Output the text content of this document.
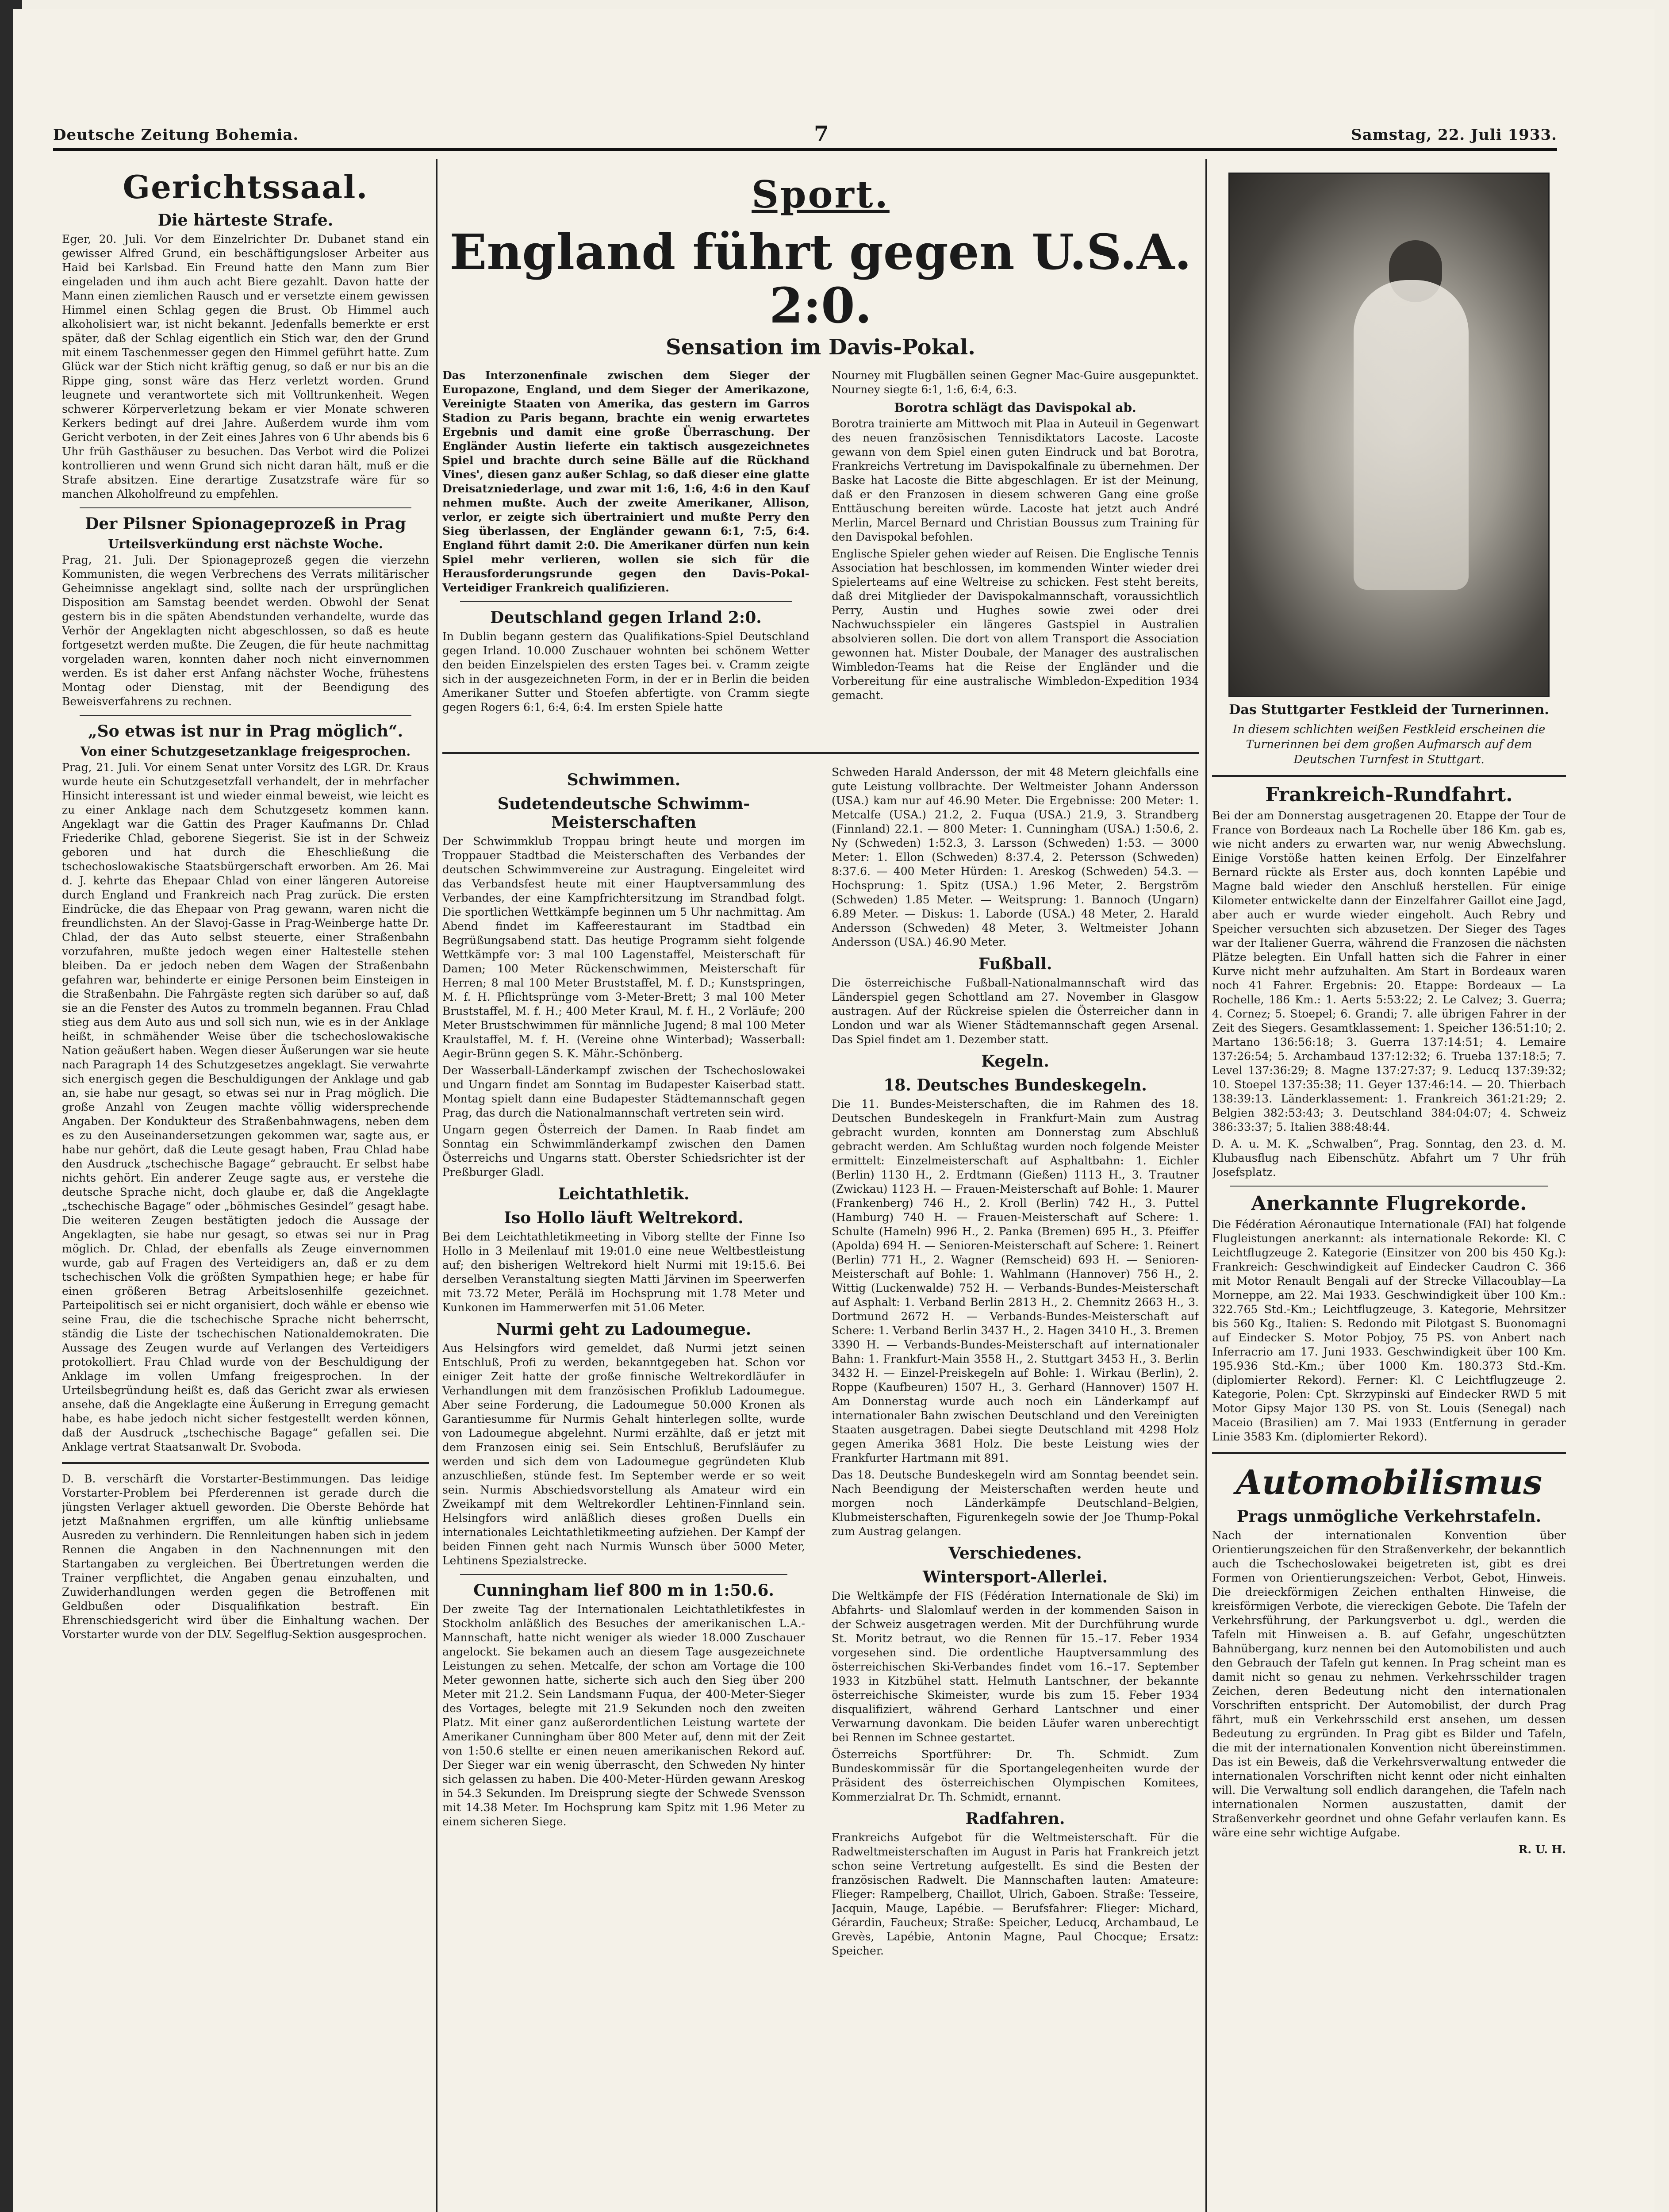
Deutsche Zeitung Bohemia.	7	Samstag, 22. Juli 1933.
Gerichtssaal.
Die härteste Strafe.

Eger, 20. Juli. Vor dem Einzelrichter Dr. Dubanet stand ein gewisser Alfred Grund, ein beschäftigungsloser Arbeiter aus Haid bei Karlsbad. Ein Freund hatte den Mann zum Bier eingeladen und ihm auch acht Biere gezahlt. Davon hatte der Mann einen ziemlichen Rausch und er versetzte einem gewissen Himmel einen Schlag gegen die Brust. Ob Himmel auch alkoholisiert war, ist nicht bekannt. Jedenfalls bemerkte er erst später, daß der Schlag eigentlich ein Stich war, den der Grund mit einem Taschenmesser gegen den Himmel geführt hatte. Zum Glück war der Stich nicht kräftig genug, so daß er nur bis an die Rippe ging, sonst wäre das Herz verletzt worden. Grund leugnete und verantwortete sich mit Volltrunkenheit. Wegen schwerer Körperverletzung bekam er vier Monate schweren Kerkers bedingt auf drei Jahre. Außerdem wurde ihm vom Gericht verboten, in der Zeit eines Jahres von 6 Uhr abends bis 6 Uhr früh Gasthäuser zu besuchen. Das Verbot wird die Polizei kontrollieren und wenn Grund sich nicht daran hält, muß er die Strafe absitzen. Eine derartige Zusatzstrafe wäre für so manchen Alkoholfreund zu empfehlen.

Der Pilsner Spionageprozeß in Prag
Urteilsverkündung erst nächste Woche.

Prag, 21. Juli. Der Spionageprozeß gegen die vierzehn Kommunisten, die wegen Verbrechens des Verrats militärischer Geheimnisse angeklagt sind, sollte nach der ursprünglichen Disposition am Samstag beendet werden. Obwohl der Senat gestern bis in die späten Abendstunden verhandelte, wurde das Verhör der Angeklagten nicht abgeschlossen, so daß es heute fortgesetzt werden mußte. Die Zeugen, die für heute nachmittag vorgeladen waren, konnten daher noch nicht einvernommen werden. Es ist daher erst Anfang nächster Woche, frühestens Montag oder Dienstag, mit der Beendigung des Beweisverfahrens zu rechnen.

„So etwas ist nur in Prag möglich“.
Von einer Schutzgesetzanklage freigesprochen.

Prag, 21. Juli. Vor einem Senat unter Vorsitz des LGR. Dr. Kraus wurde heute ein Schutzgesetzfall verhandelt, der in mehrfacher Hinsicht interessant ist und wieder einmal beweist, wie leicht es zu einer Anklage nach dem Schutzgesetz kommen kann. Angeklagt war die Gattin des Prager Kaufmanns Dr. Chlad Friederike Chlad, geborene Siegerist. Sie ist in der Schweiz geboren und hat durch die Eheschließung die tschechoslowakische Staatsbürgerschaft erworben. Am 26. Mai d. J. kehrte das Ehepaar Chlad von einer längeren Autoreise durch England und Frankreich nach Prag zurück. Die ersten Eindrücke, die das Ehepaar von Prag gewann, waren nicht die freundlichsten. An der Slavoj-Gasse in Prag-Weinberge hatte Dr. Chlad, der das Auto selbst steuerte, einer Straßenbahn vorzufahren, mußte jedoch wegen einer Haltestelle stehen bleiben. Da er jedoch neben dem Wagen der Straßenbahn gefahren war, behinderte er einige Personen beim Einsteigen in die Straßenbahn. Die Fahrgäste regten sich darüber so auf, daß sie an die Fenster des Autos zu trommeln begannen. Frau Chlad stieg aus dem Auto aus und soll sich nun, wie es in der Anklage heißt, in schmähender Weise über die tschechoslowakische Nation geäußert haben. Wegen dieser Äußerungen war sie heute nach Paragraph 14 des Schutzgesetzes angeklagt. Sie verwahrte sich energisch gegen die Beschuldigungen der Anklage und gab an, sie habe nur gesagt, so etwas sei nur in Prag möglich. Die große Anzahl von Zeugen machte völlig widersprechende Angaben. Der Kondukteur des Straßenbahnwagens, neben dem es zu den Auseinandersetzungen gekommen war, sagte aus, er habe nur gehört, daß die Leute gesagt haben, Frau Chlad habe den Ausdruck „tschechische Bagage“ gebraucht. Er selbst habe nichts gehört. Ein anderer Zeuge sagte aus, er verstehe die deutsche Sprache nicht, doch glaube er, daß die Angeklagte „tschechische Bagage“ oder „böhmisches Gesindel“ gesagt habe. Die weiteren Zeugen bestätigten jedoch die Aussage der Angeklagten, sie habe nur gesagt, so etwas sei nur in Prag möglich. Dr. Chlad, der ebenfalls als Zeuge einvernommen wurde, gab auf Fragen des Verteidigers an, daß er zu dem tschechischen Volk die größten Sympathien hege; er habe für einen größeren Betrag Arbeitslosenhilfe gezeichnet. Parteipolitisch sei er nicht organisiert, doch wähle er ebenso wie seine Frau, die die tschechische Sprache nicht beherrscht, ständig die Liste der tschechischen Nationaldemokraten. Die Aussage des Zeugen wurde auf Verlangen des Verteidigers protokolliert. Frau Chlad wurde von der Beschuldigung der Anklage im vollen Umfang freigesprochen. In der Urteilsbegründung heißt es, daß das Gericht zwar als erwiesen ansehe, daß die Angeklagte eine Äußerung in Erregung gemacht habe, es habe jedoch nicht sicher festgestellt werden können, daß der Ausdruck „tschechische Bagage“ gefallen sei. Die Anklage vertrat Staatsanwalt Dr. Svoboda.

D. B. verschärft die Vorstarter-Bestimmungen. Das leidige Vorstarter-Problem bei Pferderennen ist gerade durch die jüngsten Verlager aktuell geworden. Die Oberste Behörde hat jetzt Maßnahmen ergriffen, um alle künftig unliebsame Ausreden zu verhindern. Die Rennleitungen haben sich in jedem Rennen die Angaben in den Nachnennungen mit den Startangaben zu vergleichen. Bei Übertretungen werden die Trainer verpflichtet, die Angaben genau einzuhalten, und Zuwiderhandlungen werden gegen die Betroffenen mit Geldbußen oder Disqualifikation bestraft. Ein Ehrenschiedsgericht wird über die Einhaltung wachen. Der Vorstarter wurde von der DLV. Segelflug-Sektion ausgesprochen.

Sport.
England führt gegen U.S.A. 2:0.
Sensation im Davis-Pokal.

Das Interzonenfinale zwischen dem Sieger der Europazone, England, und dem Sieger der Amerikazone, Vereinigte Staaten von Amerika, das gestern im Garros Stadion zu Paris begann, brachte ein wenig erwartetes Ergebnis und damit eine große Überraschung. Der Engländer Austin lieferte ein taktisch ausgezeichnetes Spiel und brachte durch seine Bälle auf die Rückhand Vines', diesen ganz außer Schlag, so daß dieser eine glatte Dreisatzniederlage, und zwar mit 1:6, 1:6, 4:6 in den Kauf nehmen mußte. Auch der zweite Amerikaner, Allison, verlor, er zeigte sich übertrainiert und mußte Perry den Sieg überlassen, der Engländer gewann 6:1, 7:5, 6:4. England führt damit 2:0. Die Amerikaner dürfen nun kein Spiel mehr verlieren, wollen sie sich für die Herausforderungsrunde gegen den Davis-Pokal-Verteidiger Frankreich qualifizieren.

Deutschland gegen Irland 2:0.

In Dublin begann gestern das Qualifikations-Spiel Deutschland gegen Irland. 10.000 Zuschauer wohnten bei schönem Wetter den beiden Einzelspielen des ersten Tages bei. v. Cramm zeigte sich in der ausgezeichneten Form, in der er in Berlin die beiden Amerikaner Sutter und Stoefen abfertigte. von Cramm siegte gegen Rogers 6:1, 6:4, 6:4. Im ersten Spiele hatte

Nourney mit Flugbällen seinen Gegner Mac-Guire ausgepunktet. Nourney siegte 6:1, 1:6, 6:4, 6:3.

Borotra schlägt das Davispokal ab.

Borotra trainierte am Mittwoch mit Plaa in Auteuil in Gegenwart des neuen französischen Tennisdiktators Lacoste. Lacoste gewann von dem Spiel einen guten Eindruck und bat Borotra, Frankreichs Vertretung im Davispokalfinale zu übernehmen. Der Baske hat Lacoste die Bitte abgeschlagen. Er ist der Meinung, daß er den Franzosen in diesem schweren Gang eine große Enttäuschung bereiten würde. Lacoste hat jetzt auch André Merlin, Marcel Bernard und Christian Boussus zum Training für den Davispokal befohlen.

Englische Spieler gehen wieder auf Reisen. Die Englische Tennis Association hat beschlossen, im kommenden Winter wieder drei Spielerteams auf eine Weltreise zu schicken. Fest steht bereits, daß drei Mitglieder der Davispokalmannschaft, voraussichtlich Perry, Austin und Hughes sowie zwei oder drei Nachwuchsspieler ein längeres Gastspiel in Australien absolvieren sollen. Die dort von allem Transport die Association gewonnen hat. Mister Doubale, der Manager des australischen Wimbledon-Teams hat die Reise der Engländer und die Vorbereitung für eine australische Wimbledon-Expedition 1934 gemacht.

Schwimmen.
Sudetendeutsche Schwimm-Meisterschaften

Der Schwimmklub Troppau bringt heute und morgen im Troppauer Stadtbad die Meisterschaften des Verbandes der deutschen Schwimmvereine zur Austragung. Eingeleitet wird das Verbandsfest heute mit einer Hauptversammlung des Verbandes, der eine Kampfrichtersitzung im Strandbad folgt. Die sportlichen Wettkämpfe beginnen um 5 Uhr nachmittag. Am Abend findet im Kaffeerestaurant im Stadtbad ein Begrüßungsabend statt. Das heutige Programm sieht folgende Wettkämpfe vor: 3 mal 100 Lagenstaffel, Meisterschaft für Damen; 100 Meter Rückenschwimmen, Meisterschaft für Herren; 8 mal 100 Meter Bruststaffel, M. f. D.; Kunstspringen, M. f. H. Pflichtsprünge vom 3-Meter-Brett; 3 mal 100 Meter Bruststaffel, M. f. H.; 400 Meter Kraul, M. f. H., 2 Vorläufe; 200 Meter Brustschwimmen für männliche Jugend; 8 mal 100 Meter Kraulstaffel, M. f. H. (Vereine ohne Winterbad); Wasserball: Aegir-Brünn gegen S. K. Mähr.-Schönberg.

Der Wasserball-Länderkampf zwischen der Tschechoslowakei und Ungarn findet am Sonntag im Budapester Kaiserbad statt. Montag spielt dann eine Budapester Städtemannschaft gegen Prag, das durch die Nationalmannschaft vertreten sein wird.

Ungarn gegen Österreich der Damen. In Raab findet am Sonntag ein Schwimmländerkampf zwischen den Damen Österreichs und Ungarns statt. Oberster Schiedsrichter ist der Preßburger Gladl.

Leichtathletik.
Iso Hollo läuft Weltrekord.

Bei dem Leichtathletikmeeting in Viborg stellte der Finne Iso Hollo in 3 Meilenlauf mit 19:01.0 eine neue Weltbestleistung auf; den bisherigen Weltrekord hielt Nurmi mit 19:15.6. Bei derselben Veranstaltung siegten Matti Järvinen im Speerwerfen mit 73.72 Meter, Perälä im Hochsprung mit 1.78 Meter und Kunkonen im Hammerwerfen mit 51.06 Meter.

Nurmi geht zu Ladoumegue.

Aus Helsingfors wird gemeldet, daß Nurmi jetzt seinen Entschluß, Profi zu werden, bekanntgegeben hat. Schon vor einiger Zeit hatte der große finnische Weltrekordläufer in Verhandlungen mit dem französischen Profiklub Ladoumegue. Aber seine Forderung, die Ladoumegue 50.000 Kronen als Garantiesumme für Nurmis Gehalt hinterlegen sollte, wurde von Ladoumegue abgelehnt. Nurmi erzählte, daß er jetzt mit dem Franzosen einig sei. Sein Entschluß, Berufsläufer zu werden und sich dem von Ladoumegue gegründeten Klub anzuschließen, stünde fest. Im September werde er so weit sein. Nurmis Abschiedsvorstellung als Amateur wird ein Zweikampf mit dem Weltrekordler Lehtinen-Finnland sein. Helsingfors wird anläßlich dieses großen Duells ein internationales Leichtathletikmeeting aufziehen. Der Kampf der beiden Finnen geht nach Nurmis Wunsch über 5000 Meter, Lehtinens Spezialstrecke.

Cunningham lief 800 m in 1:50.6.

Der zweite Tag der Internationalen Leichtathletikfestes in Stockholm anläßlich des Besuches der amerikanischen L.A.-Mannschaft, hatte nicht weniger als wieder 18.000 Zuschauer angelockt. Sie bekamen auch an diesem Tage ausgezeichnete Leistungen zu sehen. Metcalfe, der schon am Vortage die 100 Meter gewonnen hatte, sicherte sich auch den Sieg über 200 Meter mit 21.2. Sein Landsmann Fuqua, der 400-Meter-Sieger des Vortages, belegte mit 21.9 Sekunden noch den zweiten Platz. Mit einer ganz außerordentlichen Leistung wartete der Amerikaner Cunningham über 800 Meter auf, denn mit der Zeit von 1:50.6 stellte er einen neuen amerikanischen Rekord auf. Der Sieger war ein wenig überrascht, den Schweden Ny hinter sich gelassen zu haben. Die 400-Meter-Hürden gewann Areskog in 54.3 Sekunden. Im Dreisprung siegte der Schwede Svensson mit 14.38 Meter. Im Hochsprung kam Spitz mit 1.96 Meter zu einem sicheren Siege.

Schweden Harald Andersson, der mit 48 Metern gleichfalls eine gute Leistung vollbrachte. Der Weltmeister Johann Andersson (USA.) kam nur auf 46.90 Meter. Die Ergebnisse: 200 Meter: 1. Metcalfe (USA.) 21.2, 2. Fuqua (USA.) 21.9, 3. Strandberg (Finnland) 22.1. — 800 Meter: 1. Cunningham (USA.) 1:50.6, 2. Ny (Schweden) 1:52.3, 3. Larsson (Schweden) 1:53. — 3000 Meter: 1. Ellon (Schweden) 8:37.4, 2. Petersson (Schweden) 8:37.6. — 400 Meter Hürden: 1. Areskog (Schweden) 54.3. — Hochsprung: 1. Spitz (USA.) 1.96 Meter, 2. Bergström (Schweden) 1.85 Meter. — Weitsprung: 1. Bannoch (Ungarn) 6.89 Meter. — Diskus: 1. Laborde (USA.) 48 Meter, 2. Harald Andersson (Schweden) 48 Meter, 3. Weltmeister Johann Andersson (USA.) 46.90 Meter.

Fußball.

Die österreichische Fußball-Nationalmannschaft wird das Länderspiel gegen Schottland am 27. November in Glasgow austragen. Auf der Rückreise spielen die Österreicher dann in London und war als Wiener Städtemannschaft gegen Arsenal. Das Spiel findet am 1. Dezember statt.

Kegeln.
18. Deutsches Bundeskegeln.

Die 11. Bundes-Meisterschaften, die im Rahmen des 18. Deutschen Bundeskegeln in Frankfurt-Main zum Austrag gebracht wurden, konnten am Donnerstag zum Abschluß gebracht werden. Am Schlußtag wurden noch folgende Meister ermittelt: Einzelmeisterschaft auf Asphaltbahn: 1. Eichler (Berlin) 1130 H., 2. Erdtmann (Gießen) 1113 H., 3. Trautner (Zwickau) 1123 H. — Frauen-Meisterschaft auf Bohle: 1. Maurer (Frankenberg) 746 H., 2. Kroll (Berlin) 742 H., 3. Puttel (Hamburg) 740 H. — Frauen-Meisterschaft auf Schere: 1. Schulte (Hameln) 996 H., 2. Panka (Bremen) 695 H., 3. Pfeiffer (Apolda) 694 H. — Senioren-Meisterschaft auf Schere: 1. Reinert (Berlin) 771 H., 2. Wagner (Remscheid) 693 H. — Senioren-Meisterschaft auf Bohle: 1. Wahlmann (Hannover) 756 H., 2. Wittig (Luckenwalde) 752 H. — Verbands-Bundes-Meisterschaft auf Asphalt: 1. Verband Berlin 2813 H., 2. Chemnitz 2663 H., 3. Dortmund 2672 H. — Verbands-Bundes-Meisterschaft auf Schere: 1. Verband Berlin 3437 H., 2. Hagen 3410 H., 3. Bremen 3390 H. — Verbands-Bundes-Meisterschaft auf internationaler Bahn: 1. Frankfurt-Main 3558 H., 2. Stuttgart 3453 H., 3. Berlin 3432 H. — Einzel-Preiskegeln auf Bohle: 1. Wirkau (Berlin), 2. Roppe (Kaufbeuren) 1507 H., 3. Gerhard (Hannover) 1507 H. Am Donnerstag wurde auch noch ein Länderkampf auf internationaler Bahn zwischen Deutschland und den Vereinigten Staaten ausgetragen. Dabei siegte Deutschland mit 4298 Holz gegen Amerika 3681 Holz. Die beste Leistung wies der Frankfurter Hartmann mit 891.

Das 18. Deutsche Bundeskegeln wird am Sonntag beendet sein. Nach Beendigung der Meisterschaften werden heute und morgen noch Länderkämpfe Deutschland–Belgien, Klubmeisterschaften, Figurenkegeln sowie der Joe Thump-Pokal zum Austrag gelangen.

Verschiedenes.
Wintersport-Allerlei.

Die Weltkämpfe der FIS (Fédération Internationale de Ski) im Abfahrts- und Slalomlauf werden in der kommenden Saison in der Schweiz ausgetragen werden. Mit der Durchführung wurde St. Moritz betraut, wo die Rennen für 15.–17. Feber 1934 vorgesehen sind. Die ordentliche Hauptversammlung des österreichischen Ski-Verbandes findet vom 16.–17. September 1933 in Kitzbühel statt. Helmuth Lantschner, der bekannte österreichische Skimeister, wurde bis zum 15. Feber 1934 disqualifiziert, während Gerhard Lantschner und einer Verwarnung davonkam. Die beiden Läufer waren unberechtigt bei Rennen im Schnee gestartet.

Österreichs Sportführer: Dr. Th. Schmidt. Zum Bundeskommissär für die Sportangelegenheiten wurde der Präsident des österreichischen Olympischen Komitees, Kommerzialrat Dr. Th. Schmidt, ernannt.

Radfahren.

Frankreichs Aufgebot für die Weltmeisterschaft. Für die Radweltmeisterschaften im August in Paris hat Frankreich jetzt schon seine Vertretung aufgestellt. Es sind die Besten der französischen Radwelt. Die Mannschaften lauten: Amateure: Flieger: Rampelberg, Chaillot, Ulrich, Gaboen. Straße: Tesseire, Jacquin, Mauge, Lapébie. — Berufsfahrer: Flieger: Michard, Gérardin, Faucheux; Straße: Speicher, Leducq, Archambaud, Le Grevès, Lapébie, Antonin Magne, Paul Chocque; Ersatz: Speicher.

Das Stuttgarter Festkleid der Turnerinnen.
In diesem schlichten weißen Festkleid erscheinen die Turnerinnen bei dem großen Aufmarsch auf dem Deutschen Turnfest in Stuttgart.
Frankreich-Rundfahrt.

Bei der am Donnerstag ausgetragenen 20. Etappe der Tour de France von Bordeaux nach La Rochelle über 186 Km. gab es, wie nicht anders zu erwarten war, nur wenig Abwechslung. Einige Vorstöße hatten keinen Erfolg. Der Einzelfahrer Bernard rückte als Erster aus, doch konnten Lapébie und Magne bald wieder den Anschluß herstellen. Für einige Kilometer entwickelte dann der Einzelfahrer Gaillot eine Jagd, aber auch er wurde wieder eingeholt. Auch Rebry und Speicher versuchten sich abzusetzen. Der Sieger des Tages war der Italiener Guerra, während die Franzosen die nächsten Plätze belegten. Ein Unfall hatten sich die Fahrer in einer Kurve nicht mehr aufzuhalten. Am Start in Bordeaux waren noch 41 Fahrer. Ergebnis: 20. Etappe: Bordeaux — La Rochelle, 186 Km.: 1. Aerts 5:53:22; 2. Le Calvez; 3. Guerra; 4. Cornez; 5. Stoepel; 6. Grandi; 7. alle übrigen Fahrer in der Zeit des Siegers. Gesamtklassement: 1. Speicher 136:51:10; 2. Martano 136:56:18; 3. Guerra 137:14:51; 4. Lemaire 137:26:54; 5. Archambaud 137:12:32; 6. Trueba 137:18:5; 7. Level 137:36:29; 8. Magne 137:27:37; 9. Leducq 137:39:32; 10. Stoepel 137:35:38; 11. Geyer 137:46:14. — 20. Thierbach 138:39:13. Länderklassement: 1. Frankreich 361:21:29; 2. Belgien 382:53:43; 3. Deutschland 384:04:07; 4. Schweiz 386:33:37; 5. Italien 388:48:44.

D. A. u. M. K. „Schwalben“, Prag. Sonntag, den 23. d. M. Klubausflug nach Eibenschütz. Abfahrt um 7 Uhr früh Josefsplatz.

Anerkannte Flugrekorde.

Die Fédération Aéronautique Internationale (FAI) hat folgende Flugleistungen anerkannt: als internationale Rekorde: Kl. C Leichtflugzeuge 2. Kategorie (Einsitzer von 200 bis 450 Kg.): Frankreich: Geschwindigkeit auf Eindecker Caudron C. 366 mit Motor Renault Bengali auf der Strecke Villacoublay—La Morneppe, am 22. Mai 1933. Geschwindigkeit über 100 Km.: 322.765 Std.-Km.; Leichtflugzeuge, 3. Kategorie, Mehrsitzer bis 560 Kg., Italien: S. Redondo mit Pilotgast S. Buonomagni auf Eindecker S. Motor Pobjoy, 75 PS. von Anbert nach Inferracrio am 17. Juni 1933. Geschwindigkeit über 100 Km. 195.936 Std.-Km.; über 1000 Km. 180.373 Std.-Km. (diplomierter Rekord). Ferner: Kl. C Leichtflugzeuge 2. Kategorie, Polen: Cpt. Skrzypinski auf Eindecker RWD 5 mit Motor Gipsy Major 130 PS. von St. Louis (Senegal) nach Maceio (Brasilien) am 7. Mai 1933 (Entfernung in gerader Linie 3583 Km. (diplomierter Rekord).

Automobilismus
Prags unmögliche Verkehrstafeln.

Nach der internationalen Konvention über Orientierungszeichen für den Straßenverkehr, der bekanntlich auch die Tschechoslowakei beigetreten ist, gibt es drei Formen von Orientierungszeichen: Verbot, Gebot, Hinweis. Die dreieckförmigen Zeichen enthalten Hinweise, die kreisförmigen Verbote, die viereckigen Gebote. Die Tafeln der Verkehrsführung, der Parkungsverbot u. dgl., werden die Tafeln mit Hinweisen a. B. auf Gefahr, ungeschützten Bahnübergang, kurz nennen bei den Automobilisten und auch den Gebrauch der Tafeln gut kennen. In Prag scheint man es damit nicht so genau zu nehmen. Verkehrsschilder tragen Zeichen, deren Bedeutung nicht den internationalen Vorschriften entspricht. Der Automobilist, der durch Prag fährt, muß ein Verkehrsschild erst ansehen, um dessen Bedeutung zu ergründen. In Prag gibt es Bilder und Tafeln, die mit der internationalen Konvention nicht übereinstimmen. Das ist ein Beweis, daß die Verkehrsverwaltung entweder die internationalen Vorschriften nicht kennt oder nicht einhalten will. Die Verwaltung soll endlich darangehen, die Tafeln nach internationalen Normen auszustatten, damit der Straßenverkehr geordnet und ohne Gefahr verlaufen kann. Es wäre eine sehr wichtige Aufgabe.

R. U. H.
